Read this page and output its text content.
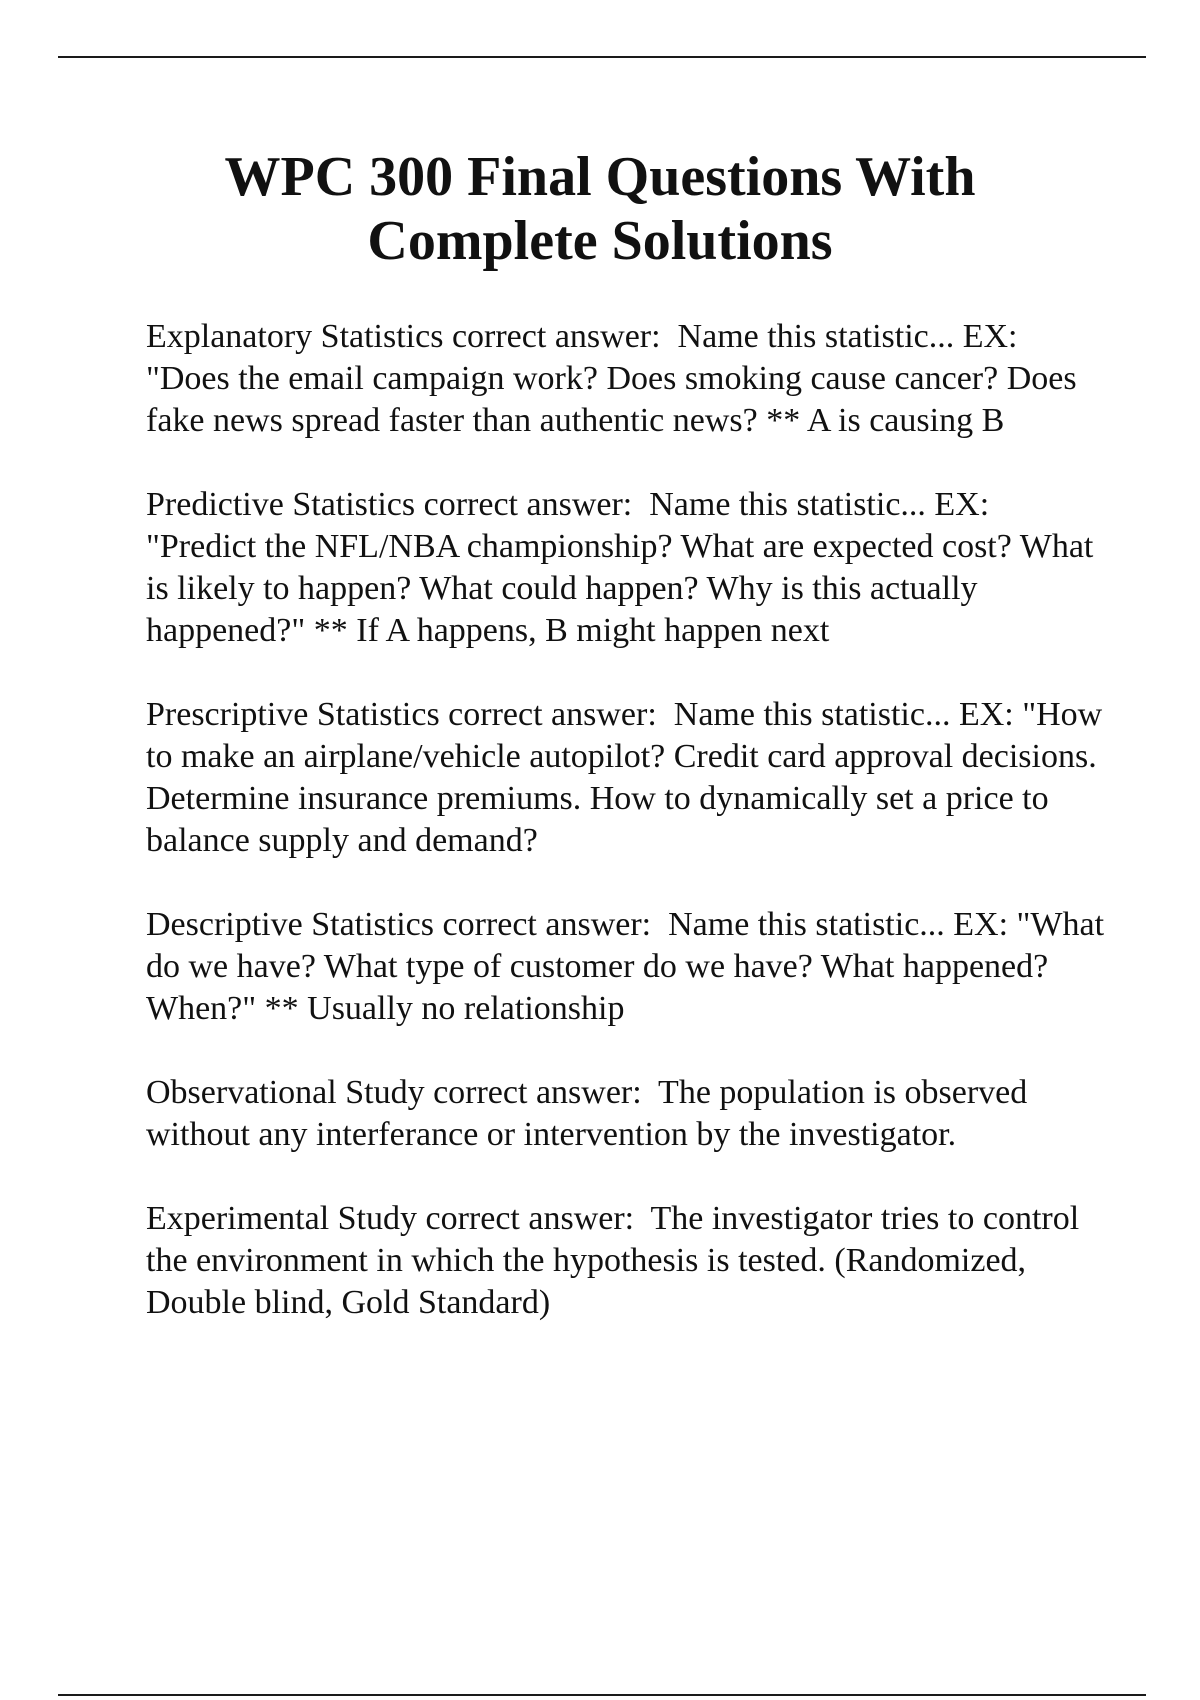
WPC 300 Final Questions With
Complete Solutions

Explanatory Statistics correct answer:  Name this statistic... EX: "Does the email campaign work? Does smoking cause cancer? Does fake news spread faster than authentic news? ** A is causing B

Predictive Statistics correct answer:  Name this statistic... EX: "Predict the NFL/NBA championship? What are expected cost? What is likely to happen? What could happen? Why is this actually happened?" ** If A happens, B might happen next

Prescriptive Statistics correct answer:  Name this statistic... EX: "How to make an airplane/vehicle autopilot? Credit card approval decisions. Determine insurance premiums. How to dynamically set a price to balance supply and demand?

Descriptive Statistics correct answer:  Name this statistic... EX: "What do we have? What type of customer do we have? What happened? When?" ** Usually no relationship

Observational Study correct answer:  The population is observed without any interferance or intervention by the investigator.

Experimental Study correct answer:  The investigator tries to control the environment in which the hypothesis is tested. (Randomized, Double blind, Gold Standard)
